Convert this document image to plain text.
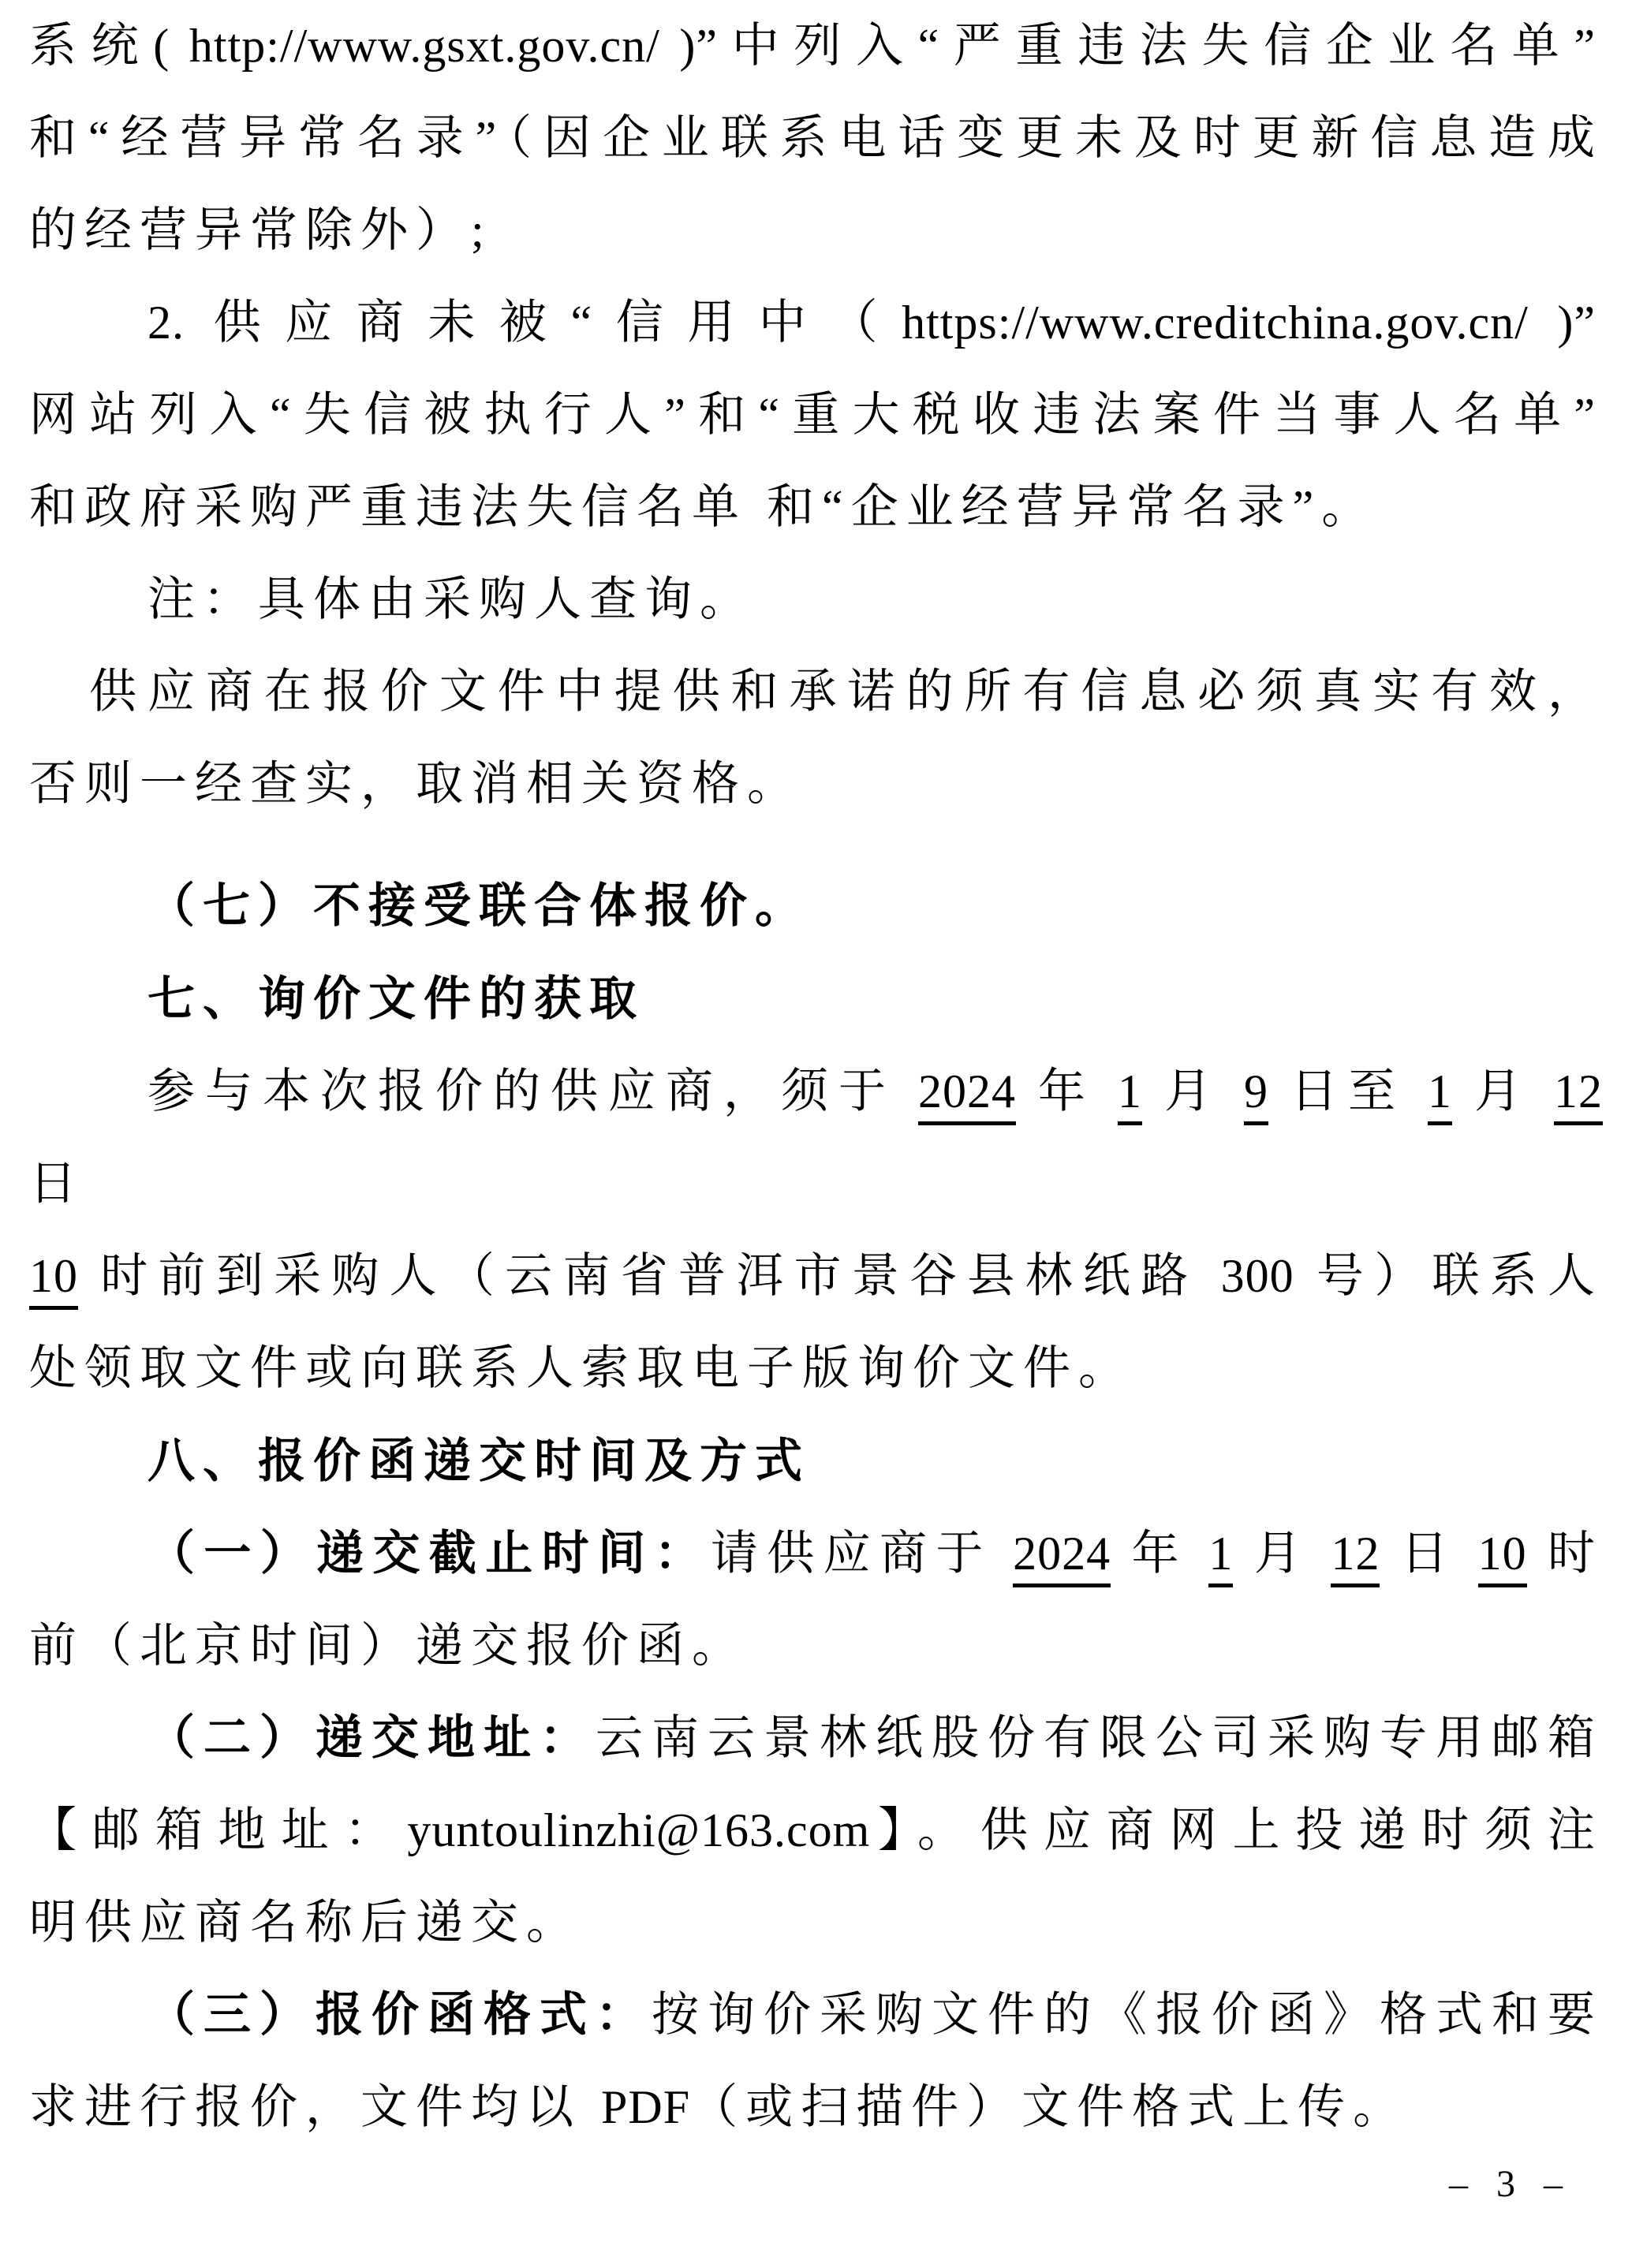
系统( http://www.gsxt.gov.cn/ )”中列入“严重违法失信企业名单”
和“经营异常名录”（因企业联系电话变更未及时更新信息造成
的经营异常除外）;
2. 供应商未被“信用中（https://www.creditchina.gov.cn/ )”
网站列入“失信被执行人”和“重大税收违法案件当事人名单”
和政府采购严重违法失信名单 和“企业经营异常名录”。
注：具体由采购人查询。
供应商在报价文件中提供和承诺的所有信息必须真实有效，
否则一经查实，取消相关资格。
（七）不接受联合体报价。
七、询价文件的获取
参与本次报价的供应商，须于 2024 年 1 月 9 日至 1 月 12 日
10 时前到采购人（云南省普洱市景谷县林纸路 300 号）联系人
处领取文件或向联系人索取电子版询价文件。
八、报价函递交时间及方式
（一）递交截止时间：请供应商于 2024 年 1 月 12 日 10 时
前（北京时间）递交报价函。
（二）递交地址：云南云景林纸股份有限公司采购专用邮箱
【邮箱地址：yuntoulinzhi@163.com】。供应商网上投递时须注
明供应商名称后递交。
（三）报价函格式：按询价采购文件的《报价函》格式和要
求进行报价，文件均以 PDF（或扫描件）文件格式上传。
– 3 –
